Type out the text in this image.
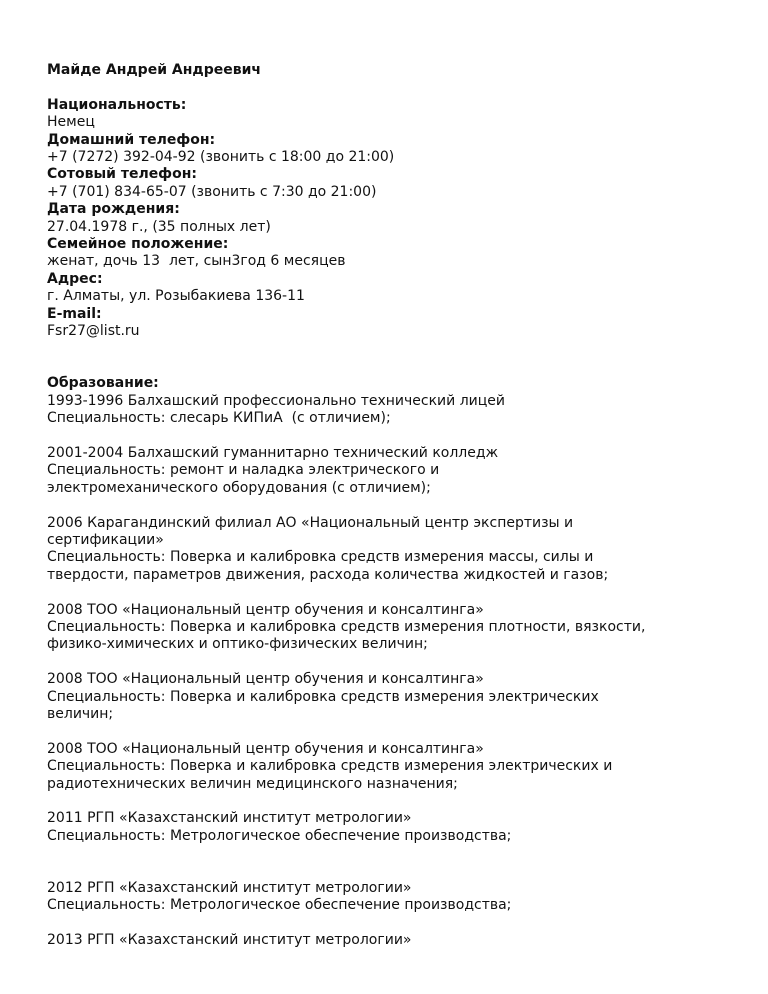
Майде Андрей Андреевич
Национальность:
Немец
Домашний телефон:
+7 (7272) 392-04-92 (звонить с 18:00 до 21:00)
Сотовый телефон:
+7 (701) 834-65-07 (звонить с 7:30 до 21:00)
Дата рождения:
27.04.1978 г., (35 полных лет)
Семейное положение:
женат, дочь 13  лет, сын3год 6 месяцев
Адрес:
г. Алматы, ул. Розыбакиева 136-11
E-mail:
Fsr27@list.ru
Образование:
1993-1996 Балхашский профессионально технический лицей
Специальность: слесарь КИПиА  (с отличием);
2001-2004 Балхашский гуманнитарно технический колледж
Специальность: ремонт и наладка электрического и
электромеханического оборудования (с отличием);
2006 Карагандинский филиал АО «Национальный центр экспертизы и
сертификации»
Специальность: Поверка и калибровка средств измерения массы, силы и
твердости, параметров движения, расхода количества жидкостей и газов;
2008 ТОО «Национальный центр обучения и консалтинга»
Специальность: Поверка и калибровка средств измерения плотности, вязкости,
физико-химических и оптико-физических величин;
2008 ТОО «Национальный центр обучения и консалтинга»
Специальность: Поверка и калибровка средств измерения электрических
величин;
2008 ТОО «Национальный центр обучения и консалтинга»
Специальность: Поверка и калибровка средств измерения электрических и
радиотехнических величин медицинского назначения;
2011 РГП «Казахстанский институт метрологии»
Специальность: Метрологическое обеспечение производства;
2012 РГП «Казахстанский институт метрологии»
Специальность: Метрологическое обеспечение производства;
2013 РГП «Казахстанский институт метрологии»
